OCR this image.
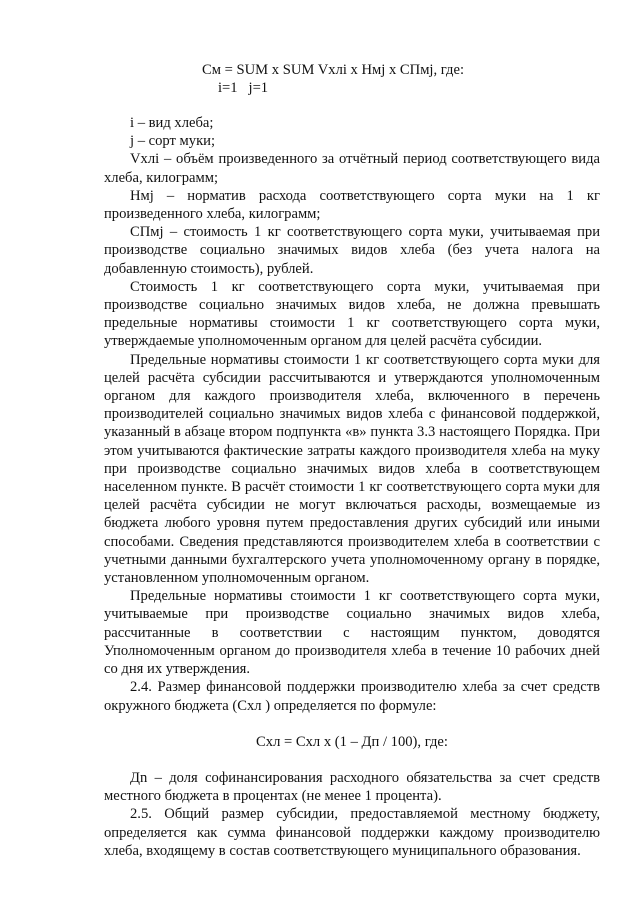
См = SUM х SUM Vхлi х Нмj х СПмj, где:
i=1   j=1

i – вид хлеба;

j – сорт муки;

Vхлi – объём произведенного за отчётный период соответствующего вида хлеба, килограмм;

Нмj – норматив расхода соответствующего сорта муки на 1 кг произведенного хлеба, килограмм;

СПмj – стоимость 1 кг соответствующего сорта муки, учитываемая при производстве социально значимых видов хлеба (без учета налога на добавленную стоимость), рублей.

Стоимость 1 кг соответствующего сорта муки, учитываемая при производстве социально значимых видов хлеба, не должна превышать предельные нормативы стоимости 1 кг соответствующего сорта муки, утверждаемые уполномоченным органом для целей расчёта субсидии.

Предельные нормативы стоимости 1 кг соответствующего сорта муки для целей расчёта субсидии рассчитываются и утверждаются уполномоченным органом для каждого производителя хлеба, включенного в перечень производителей социально значимых видов хлеба с финансовой поддержкой, указанный в абзаце втором подпункта «в» пункта 3.3 настоящего Порядка. При этом учитываются фактические затраты каждого производителя хлеба на муку при производстве социально значимых видов хлеба в соответствующем населенном пункте. В расчёт стоимости 1 кг соответствующего сорта муки для целей расчёта субсидии не могут включаться расходы, возмещаемые из бюджета любого уровня путем предоставления других субсидий или иными способами. Сведения представляются производителем хлеба в соответствии с учетными данными бухгалтерского учета уполномоченному органу в порядке, установленном уполномоченным органом.

Предельные нормативы стоимости 1 кг соответствующего сорта муки, учитываемые при производстве социально значимых видов хлеба, рассчитанные в соответствии с настоящим пунктом, доводятся Уполномоченным органом до производителя хлеба в течение 10 рабочих дней со дня их утверждения.

2.4. Размер финансовой поддержки производителю хлеба за счет средств окружного бюджета (Схл ) определяется по формуле:

Схл = Схл х (1 – Дп / 100), где:

Дn – доля софинансирования расходного обязательства за счет средств местного бюджета в процентах (не менее 1 процента).

2.5. Общий размер субсидии, предоставляемой местному бюджету, определяется как сумма финансовой поддержки каждому производителю хлеба, входящему в состав соответствующего муниципального образования.
